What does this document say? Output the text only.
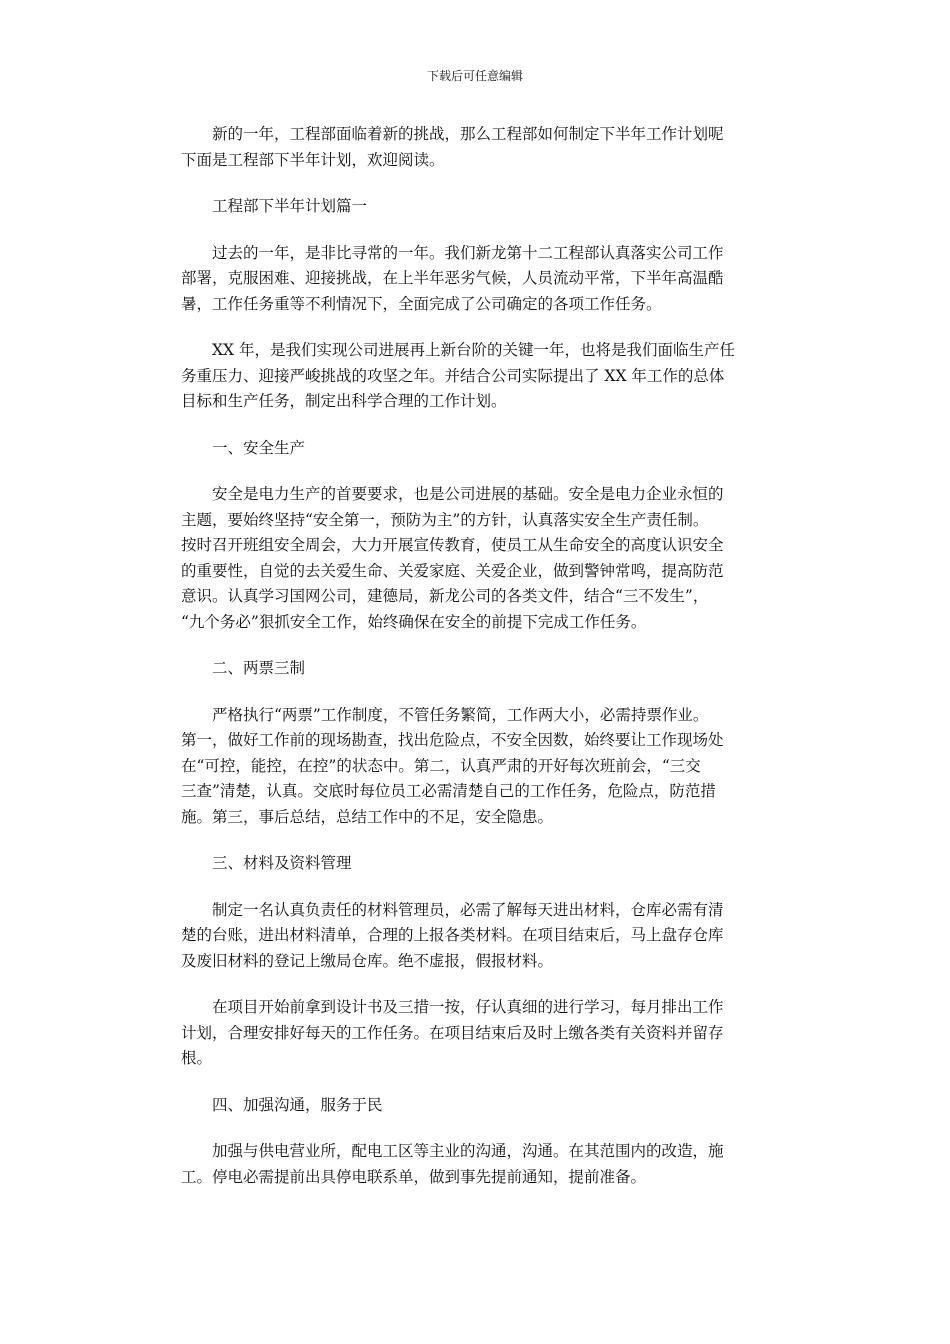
下载后可任意编辑

新的一年，工程部面临着新的挑战，那么工程部如何制定下半年工作计划呢
下面是工程部下半年计划，欢迎阅读。

工程部下半年计划篇一

过去的一年，是非比寻常的一年。我们新龙第十二工程部认真落实公司工作
部署，克服困难、迎接挑战，在上半年恶劣气候，人员流动平常，下半年高温酷
暑，工作任务重等不利情况下，全面完成了公司确定的各项工作任务。

XX 年，是我们实现公司进展再上新台阶的关键一年，也将是我们面临生产任
务重压力、迎接严峻挑战的攻坚之年。并结合公司实际提出了 XX 年工作的总体
目标和生产任务，制定出科学合理的工作计划。

一、安全生产

安全是电力生产的首要要求，也是公司进展的基础。安全是电力企业永恒的
主题，要始终坚持“安全第一，预防为主”的方针，认真落实安全生产责任制。
按时召开班组安全周会，大力开展宣传教育，使员工从生命安全的高度认识安全
的重要性，自觉的去关爱生命、关爱家庭、关爱企业，做到警钟常鸣，提高防范
意识。认真学习国网公司，建德局，新龙公司的各类文件，结合“三不发生”，
“九个务必”狠抓安全工作，始终确保在安全的前提下完成工作任务。

二、两票三制

严格执行“两票”工作制度，不管任务繁简，工作两大小，必需持票作业。
第一，做好工作前的现场勘查，找出危险点，不安全因数，始终要让工作现场处
在“可控，能控，在控”的状态中。第二，认真严肃的开好每次班前会，“三交
三查”清楚，认真。交底时每位员工必需清楚自己的工作任务，危险点，防范措
施。第三，事后总结，总结工作中的不足，安全隐患。

三、材料及资料管理

制定一名认真负责任的材料管理员，必需了解每天进出材料，仓库必需有清
楚的台账，进出材料清单，合理的上报各类材料。在项目结束后，马上盘存仓库
及废旧材料的登记上缴局仓库。绝不虚报，假报材料。

在项目开始前拿到设计书及三措一按，仔认真细的进行学习，每月排出工作
计划，合理安排好每天的工作任务。在项目结束后及时上缴各类有关资料并留存
根。

四、加强沟通，服务于民

加强与供电营业所，配电工区等主业的沟通，沟通。在其范围内的改造，施
工。停电必需提前出具停电联系单，做到事先提前通知，提前准备。
